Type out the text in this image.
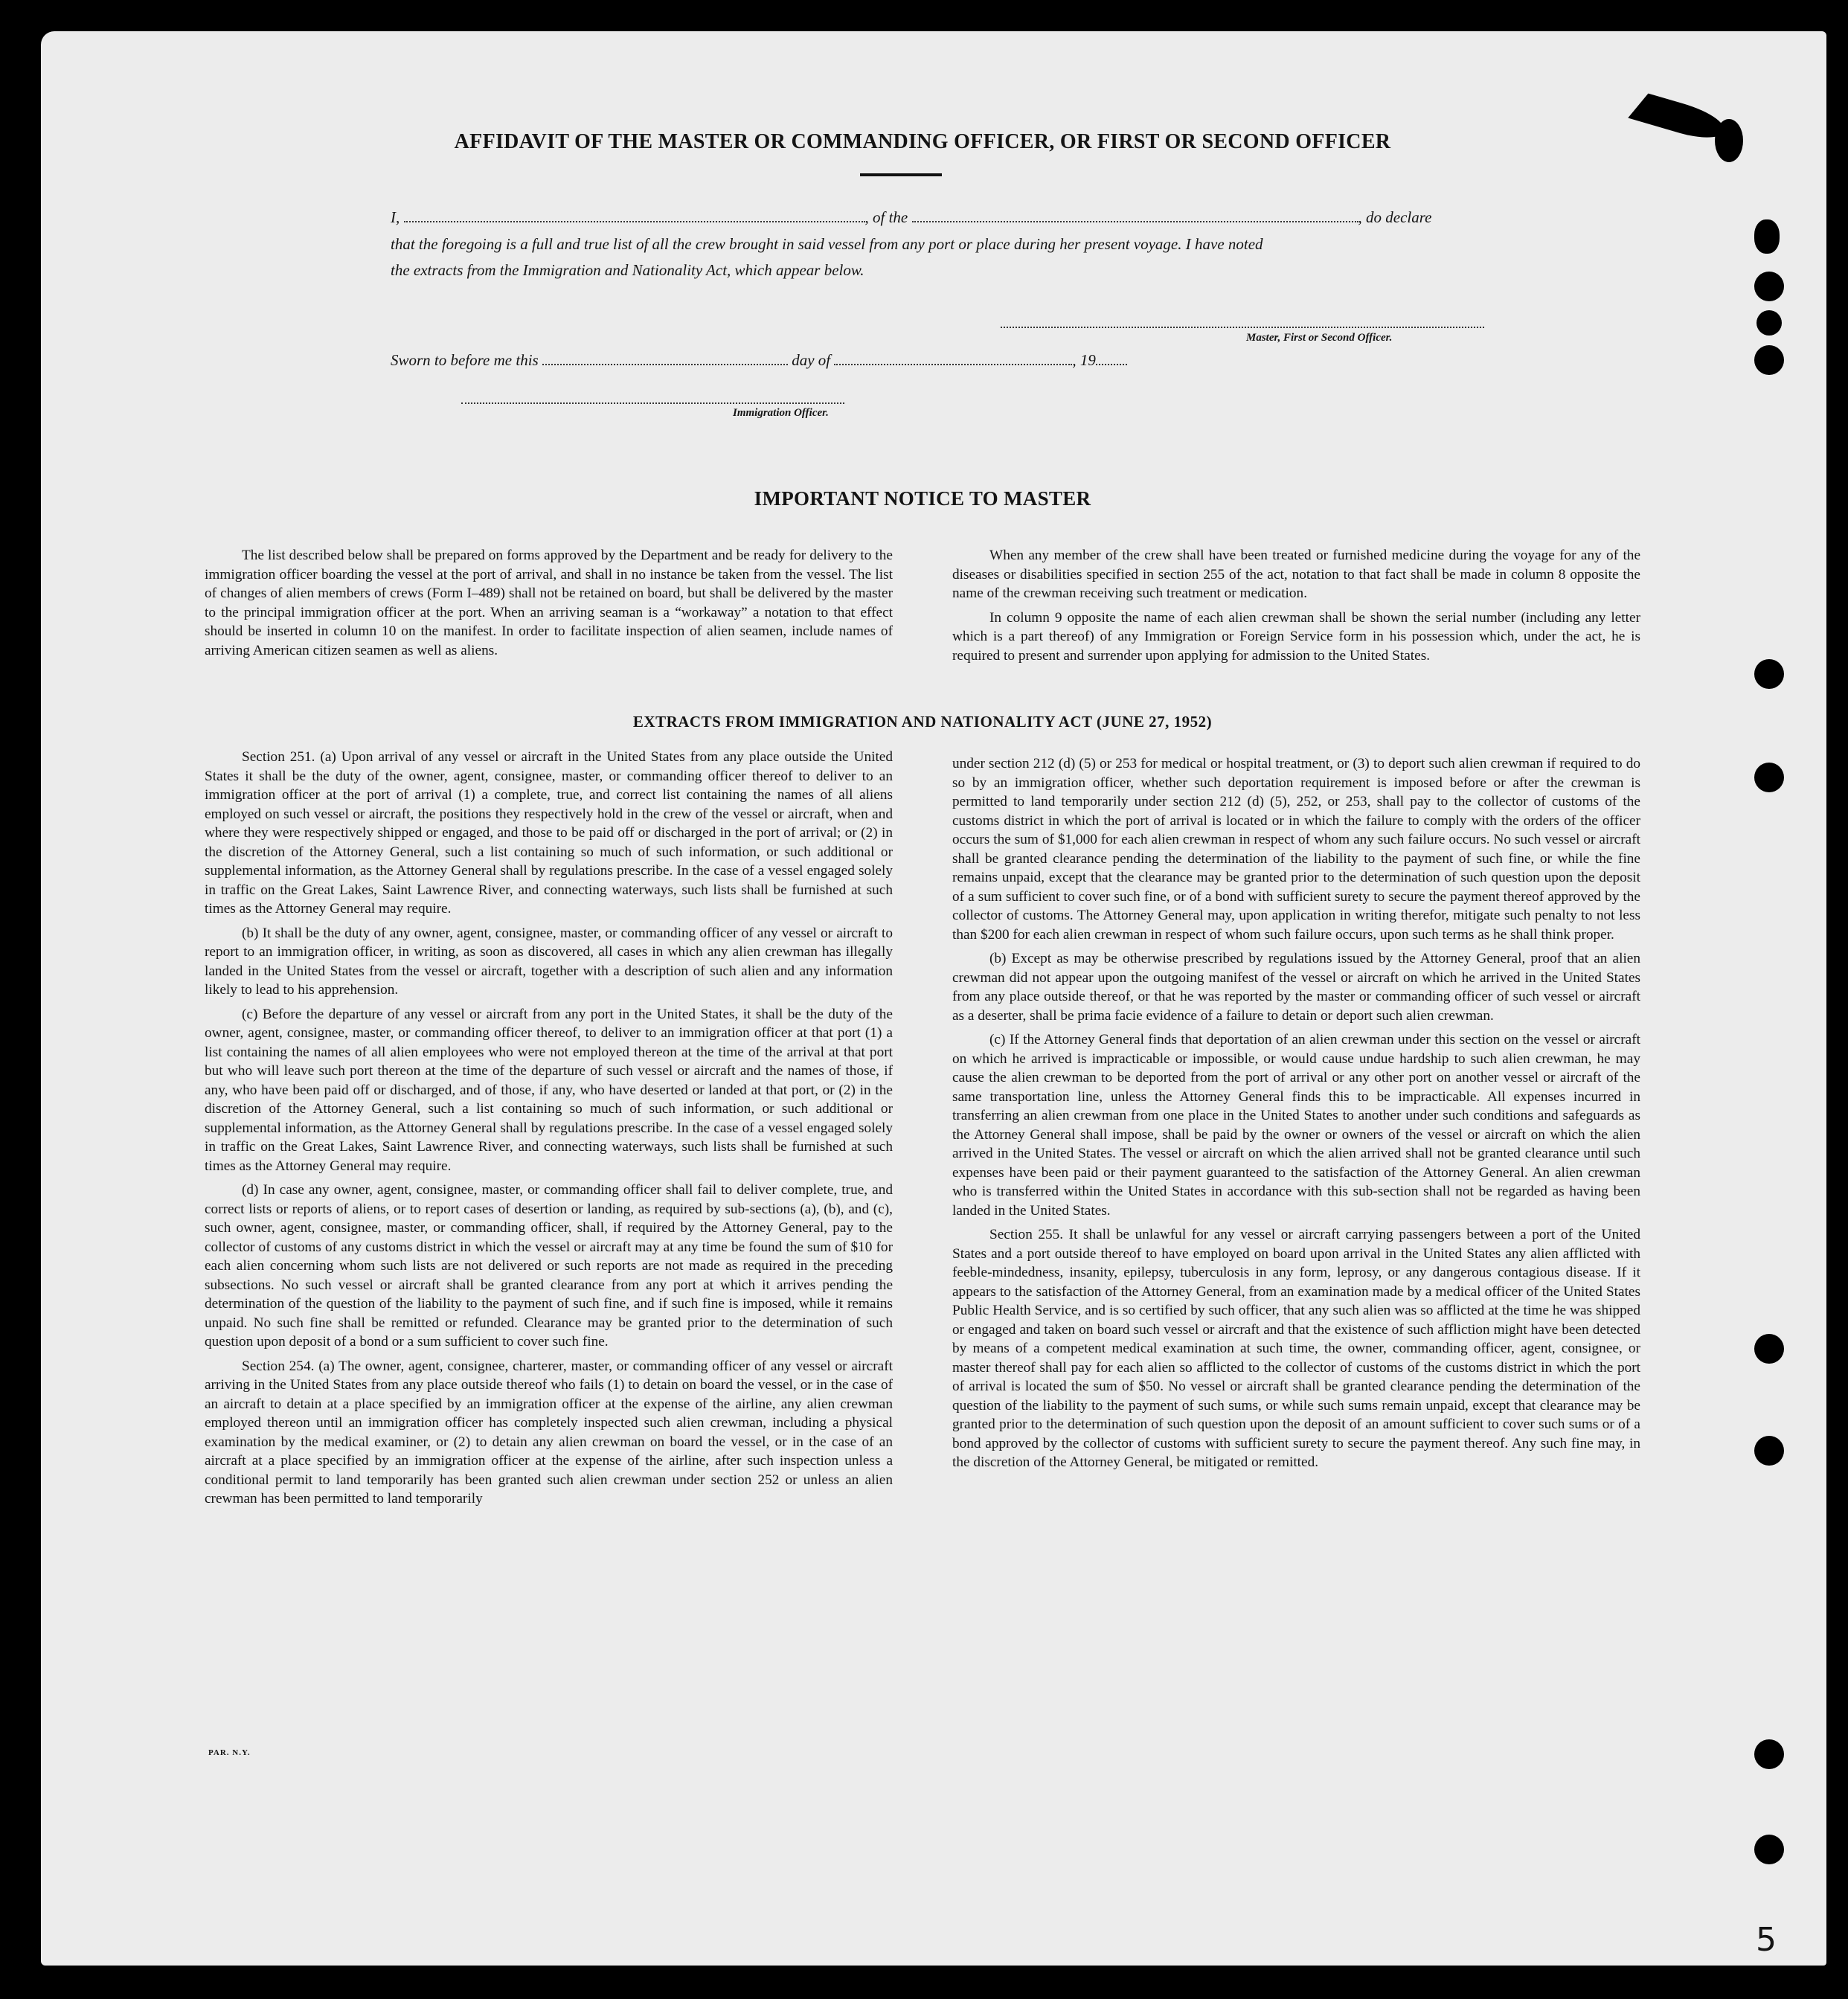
AFFIDAVIT OF THE MASTER OR COMMANDING OFFICER, OR FIRST OR SECOND OFFICER
I,	, of the	, do declare
that the foregoing is a full and true list of all the crew brought in said vessel from any port or place during her present voyage. I have noted
the extracts from the Immigration and Nationality Act, which appear below.
Master, First or Second Officer.
Sworn to before me this	day of	, 19
Immigration Officer.
IMPORTANT NOTICE TO MASTER

The list described below shall be prepared on forms approved by the Department and be ready for delivery to the immigration officer boarding the vessel at the port of arrival, and shall in no instance be taken from the vessel. The list of changes of alien members of crews (Form I–489) shall not be retained on board, but shall be delivered by the master to the principal immigration officer at the port. When an arriving seaman is a “workaway” a notation to that effect should be inserted in column 10 on the manifest. In order to facilitate inspection of alien seamen, include names of arriving American citizen seamen as well as aliens.

When any member of the crew shall have been treated or furnished medicine during the voyage for any of the diseases or disabilities specified in section 255 of the act, notation to that fact shall be made in column 8 opposite the name of the crewman receiving such treatment or medication.

In column 9 opposite the name of each alien crewman shall be shown the serial number (including any letter which is a part thereof) of any Immigration or Foreign Service form in his possession which, under the act, he is required to present and surrender upon applying for admission to the United States.

EXTRACTS FROM IMMIGRATION AND NATIONALITY ACT (JUNE 27, 1952)

Section 251. (a) Upon arrival of any vessel or aircraft in the United States from any place outside the United States it shall be the duty of the owner, agent, consignee, master, or commanding officer thereof to deliver to an immigration officer at the port of arrival (1) a complete, true, and correct list containing the names of all aliens employed on such vessel or aircraft, the positions they respectively hold in the crew of the vessel or aircraft, when and where they were respectively shipped or engaged, and those to be paid off or discharged in the port of arrival; or (2) in the discretion of the Attorney General, such a list containing so much of such information, or such additional or supplemental information, as the Attorney General shall by regulations prescribe. In the case of a vessel engaged solely in traffic on the Great Lakes, Saint Lawrence River, and connecting waterways, such lists shall be furnished at such times as the Attorney General may require.

(b) It shall be the duty of any owner, agent, consignee, master, or commanding officer of any vessel or aircraft to report to an immigration officer, in writing, as soon as discovered, all cases in which any alien crewman has illegally landed in the United States from the vessel or aircraft, together with a description of such alien and any information likely to lead to his apprehension.

(c) Before the departure of any vessel or aircraft from any port in the United States, it shall be the duty of the owner, agent, consignee, master, or commanding officer thereof, to deliver to an immigration officer at that port (1) a list containing the names of all alien employees who were not employed thereon at the time of the arrival at that port but who will leave such port thereon at the time of the departure of such vessel or aircraft and the names of those, if any, who have been paid off or discharged, and of those, if any, who have deserted or landed at that port, or (2) in the discretion of the Attorney General, such a list containing so much of such information, or such additional or supplemental information, as the Attorney General shall by regulations prescribe. In the case of a vessel engaged solely in traffic on the Great Lakes, Saint Lawrence River, and connecting waterways, such lists shall be furnished at such times as the Attorney General may require.

(d) In case any owner, agent, consignee, master, or commanding officer shall fail to deliver complete, true, and correct lists or reports of aliens, or to report cases of desertion or landing, as required by sub-sections (a), (b), and (c), such owner, agent, consignee, master, or commanding officer, shall, if required by the Attorney General, pay to the collector of customs of any customs district in which the vessel or aircraft may at any time be found the sum of $10 for each alien concerning whom such lists are not delivered or such reports are not made as required in the preceding subsections. No such vessel or aircraft shall be granted clearance from any port at which it arrives pending the determination of the question of the liability to the payment of such fine, and if such fine is imposed, while it remains unpaid. No such fine shall be remitted or refunded. Clearance may be granted prior to the determination of such question upon deposit of a bond or a sum sufficient to cover such fine.

Section 254. (a) The owner, agent, consignee, charterer, master, or commanding officer of any vessel or aircraft arriving in the United States from any place outside thereof who fails (1) to detain on board the vessel, or in the case of an aircraft to detain at a place specified by an immigration officer at the expense of the airline, any alien crewman employed thereon until an immigration officer has completely inspected such alien crewman, including a physical examination by the medical examiner, or (2) to detain any alien crewman on board the vessel, or in the case of an aircraft at a place specified by an immigration officer at the expense of the airline, after such inspection unless a conditional permit to land temporarily has been granted such alien crewman under section 252 or unless an alien crewman has been permitted to land temporarily

under section 212 (d) (5) or 253 for medical or hospital treatment, or (3) to deport such alien crewman if required to do so by an immigration officer, whether such deportation requirement is imposed before or after the crewman is permitted to land temporarily under section 212 (d) (5), 252, or 253, shall pay to the collector of customs of the customs district in which the port of arrival is located or in which the failure to comply with the orders of the officer occurs the sum of $1,000 for each alien crewman in respect of whom any such failure occurs. No such vessel or aircraft shall be granted clearance pending the determination of the liability to the payment of such fine, or while the fine remains unpaid, except that the clearance may be granted prior to the determination of such question upon the deposit of a sum sufficient to cover such fine, or of a bond with sufficient surety to secure the payment thereof approved by the collector of customs. The Attorney General may, upon application in writing therefor, mitigate such penalty to not less than $200 for each alien crewman in respect of whom such failure occurs, upon such terms as he shall think proper.

(b) Except as may be otherwise prescribed by regulations issued by the Attorney General, proof that an alien crewman did not appear upon the outgoing manifest of the vessel or aircraft on which he arrived in the United States from any place outside thereof, or that he was reported by the master or commanding officer of such vessel or aircraft as a deserter, shall be prima facie evidence of a failure to detain or deport such alien crewman.

(c) If the Attorney General finds that deportation of an alien crewman under this section on the vessel or aircraft on which he arrived is impracticable or impossible, or would cause undue hardship to such alien crewman, he may cause the alien crewman to be deported from the port of arrival or any other port on another vessel or aircraft of the same transportation line, unless the Attorney General finds this to be impracticable. All expenses incurred in transferring an alien crewman from one place in the United States to another under such conditions and safeguards as the Attorney General shall impose, shall be paid by the owner or owners of the vessel or aircraft on which the alien arrived in the United States. The vessel or aircraft on which the alien arrived shall not be granted clearance until such expenses have been paid or their payment guaranteed to the satisfaction of the Attorney General. An alien crewman who is transferred within the United States in accordance with this sub-section shall not be regarded as having been landed in the United States.

Section 255. It shall be unlawful for any vessel or aircraft carrying passengers between a port of the United States and a port outside thereof to have employed on board upon arrival in the United States any alien afflicted with feeble-mindedness, insanity, epilepsy, tuberculosis in any form, leprosy, or any dangerous contagious disease. If it appears to the satisfaction of the Attorney General, from an examination made by a medical officer of the United States Public Health Service, and is so certified by such officer, that any such alien was so afflicted at the time he was shipped or engaged and taken on board such vessel or aircraft and that the existence of such affliction might have been detected by means of a competent medical examination at such time, the owner, commanding officer, agent, consignee, or master thereof shall pay for each alien so afflicted to the collector of customs of the customs district in which the port of arrival is located the sum of $50. No vessel or aircraft shall be granted clearance pending the determination of the question of the liability to the payment of such sums, or while such sums remain unpaid, except that clearance may be granted prior to the determination of such question upon the deposit of an amount sufficient to cover such sums or of a bond approved by the collector of customs with sufficient surety to secure the payment thereof. Any such fine may, in the discretion of the Attorney General, be mitigated or remitted.

PAR. N.Y.
5
